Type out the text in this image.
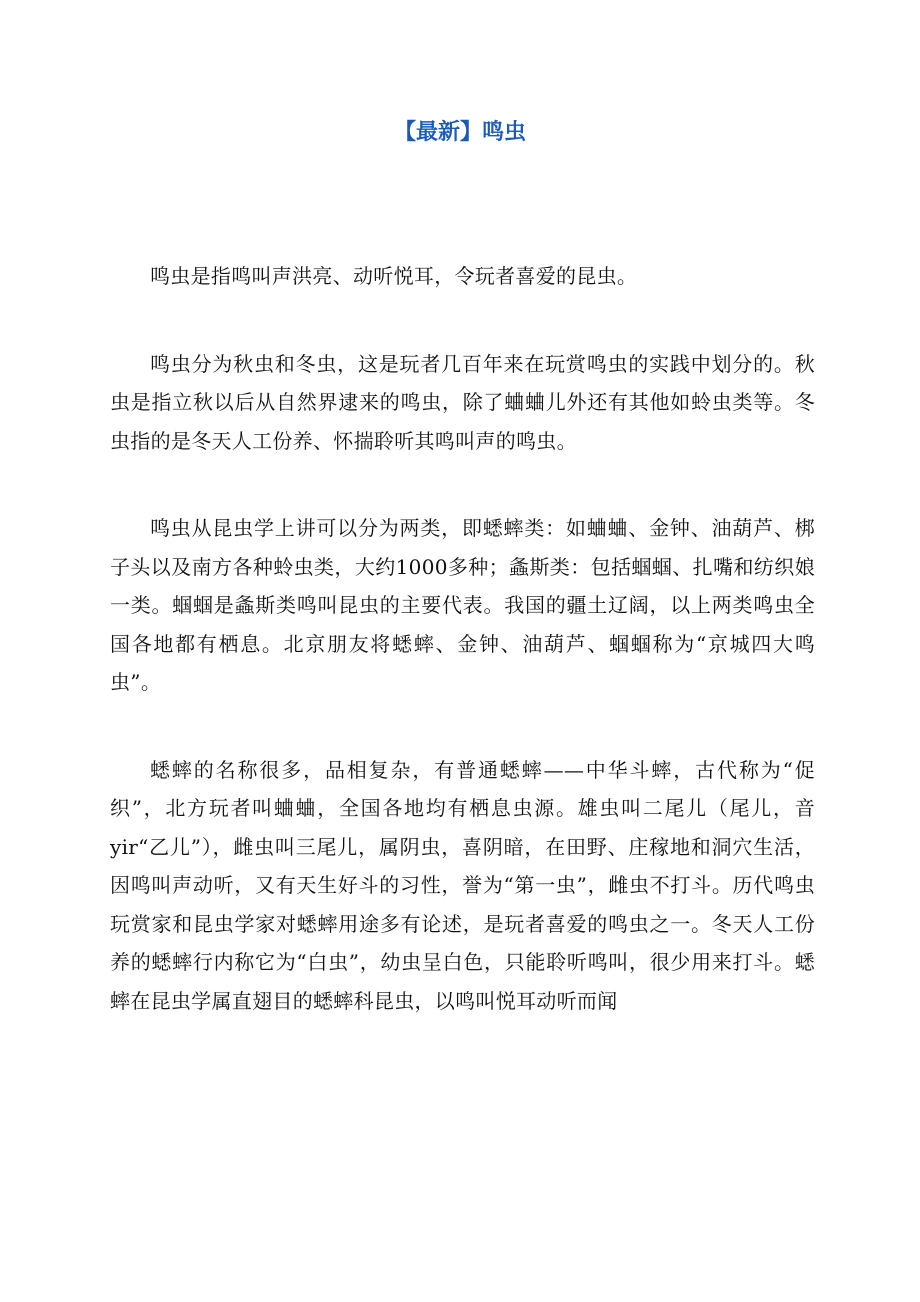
【最新】鸣虫

鸣虫是指鸣叫声洪亮、动听悦耳，令玩者喜爱的昆虫。

鸣虫分为秋虫和冬虫，这是玩者几百年来在玩赏鸣虫的实践中划分的。秋虫是指立秋以后从自然界逮来的鸣虫，除了蛐蛐儿外还有其他如蛉虫类等。冬虫指的是冬天人工份养、怀揣聆听其鸣叫声的鸣虫。

鸣虫从昆虫学上讲可以分为两类，即蟋蟀类：如蛐蛐、金钟、油葫芦、梆子头以及南方各种蛉虫类，大约1000多种；螽斯类：包括蝈蝈、扎嘴和纺织娘一类。蝈蝈是螽斯类鸣叫昆虫的主要代表。我国的疆土辽阔，以上两类鸣虫全国各地都有栖息。北京朋友将蟋蟀、金钟、油葫芦、蝈蝈称为“京城四大鸣虫”。

蟋蟀的名称很多，品相复杂，有普通蟋蟀——中华斗蟀，古代称为“促织”，北方玩者叫蛐蛐，全国各地均有栖息虫源。雄虫叫二尾儿（尾儿，音yir“乙儿”），雌虫叫三尾儿，属阴虫，喜阴暗，在田野、庄稼地和洞穴生活，因鸣叫声动听，又有天生好斗的习性，誉为“第一虫”，雌虫不打斗。历代鸣虫玩赏家和昆虫学家对蟋蟀用途多有论述，是玩者喜爱的鸣虫之一。冬天人工份养的蟋蟀行内称它为“白虫”，幼虫呈白色，只能聆听鸣叫，很少用来打斗。蟋蟀在昆虫学属直翅目的蟋蟀科昆虫，以鸣叫悦耳动听而闻
